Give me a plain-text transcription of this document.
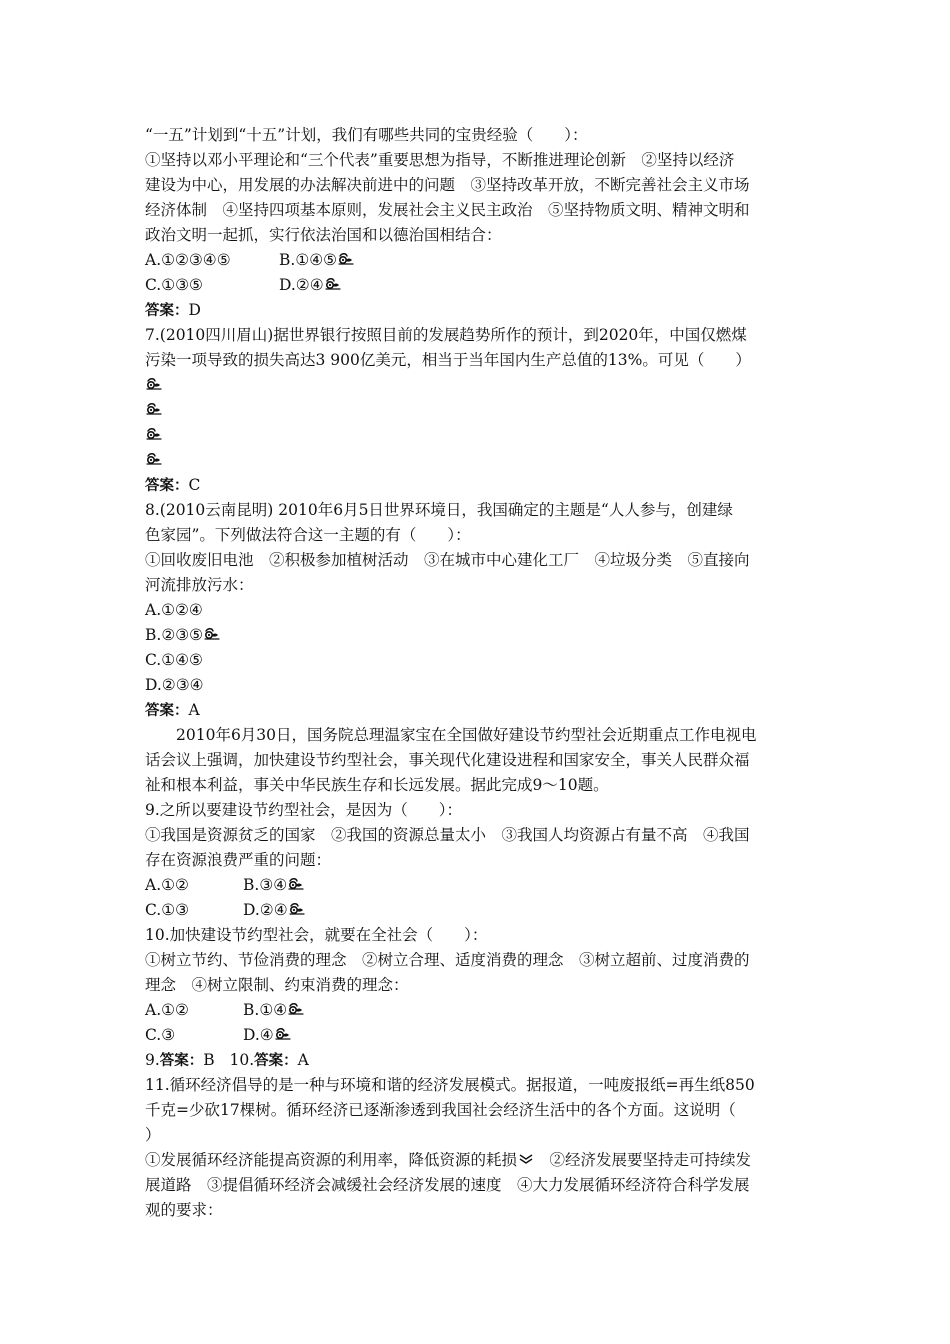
“一五”计划到“十五”计划，我们有哪些共同的宝贵经验（　　）：
①坚持以邓小平理论和“三个代表”重要思想为指导，不断推进理论创新　②坚持以经济
建设为中心，用发展的办法解决前进中的问题　③坚持改革开放，不断完善社会主义市场
经济体制　④坚持四项基本原则，发展社会主义民主政治　⑤坚持物质文明、精神文明和
政治文明一起抓，实行依法治国和以德治国相结合：
A.①②③④⑤	B.①④⑤
C.①③⑤	D.②④
答案：D
7.(2010四川眉山)据世界银行按照目前的发展趋势所作的预计，到2020年，中国仅燃煤
污染一项导致的损失高达3 900亿美元，相当于当年国内生产总值的13%。可见（　　）
答案：C
8.(2010云南昆明) 2010年6月5日世界环境日，我国确定的主题是“人人参与，创建绿
色家园”。下列做法符合这一主题的有（　　）：
①回收废旧电池　②积极参加植树活动　③在城市中心建化工厂　④垃圾分类　⑤直接向
河流排放污水：
A.①②④
B.②③⑤
C.①④⑤
D.②③④
答案：A
2010年6月30日，国务院总理温家宝在全国做好建设节约型社会近期重点工作电视电
话会议上强调，加快建设节约型社会，事关现代化建设进程和国家安全，事关人民群众福
祉和根本利益，事关中华民族生存和长远发展。据此完成9～10题。
9.之所以要建设节约型社会，是因为（　　）：
①我国是资源贫乏的国家　②我国的资源总量太小　③我国人均资源占有量不高　④我国
存在资源浪费严重的问题：
A.①②	B.③④
C.①③	D.②④
10.加快建设节约型社会，就要在全社会（　　）：
①树立节约、节俭消费的理念　②树立合理、适度消费的理念　③树立超前、过度消费的
理念　④树立限制、约束消费的理念：
A.①②	B.①④
C.③	D.④
9.答案：B 10.答案：A
11.循环经济倡导的是一种与环境和谐的经济发展模式。据报道，一吨废报纸=再生纸850
千克=少砍17棵树。循环经济已逐渐渗透到我国社会经济生活中的各个方面。这说明（
）
①发展循环经济能提高资源的利用率，降低资源的耗损
　②经济发展要坚持走可持续发
展道路　③提倡循环经济会减缓社会经济发展的速度　④大力发展循环经济符合科学发展
观的要求：
